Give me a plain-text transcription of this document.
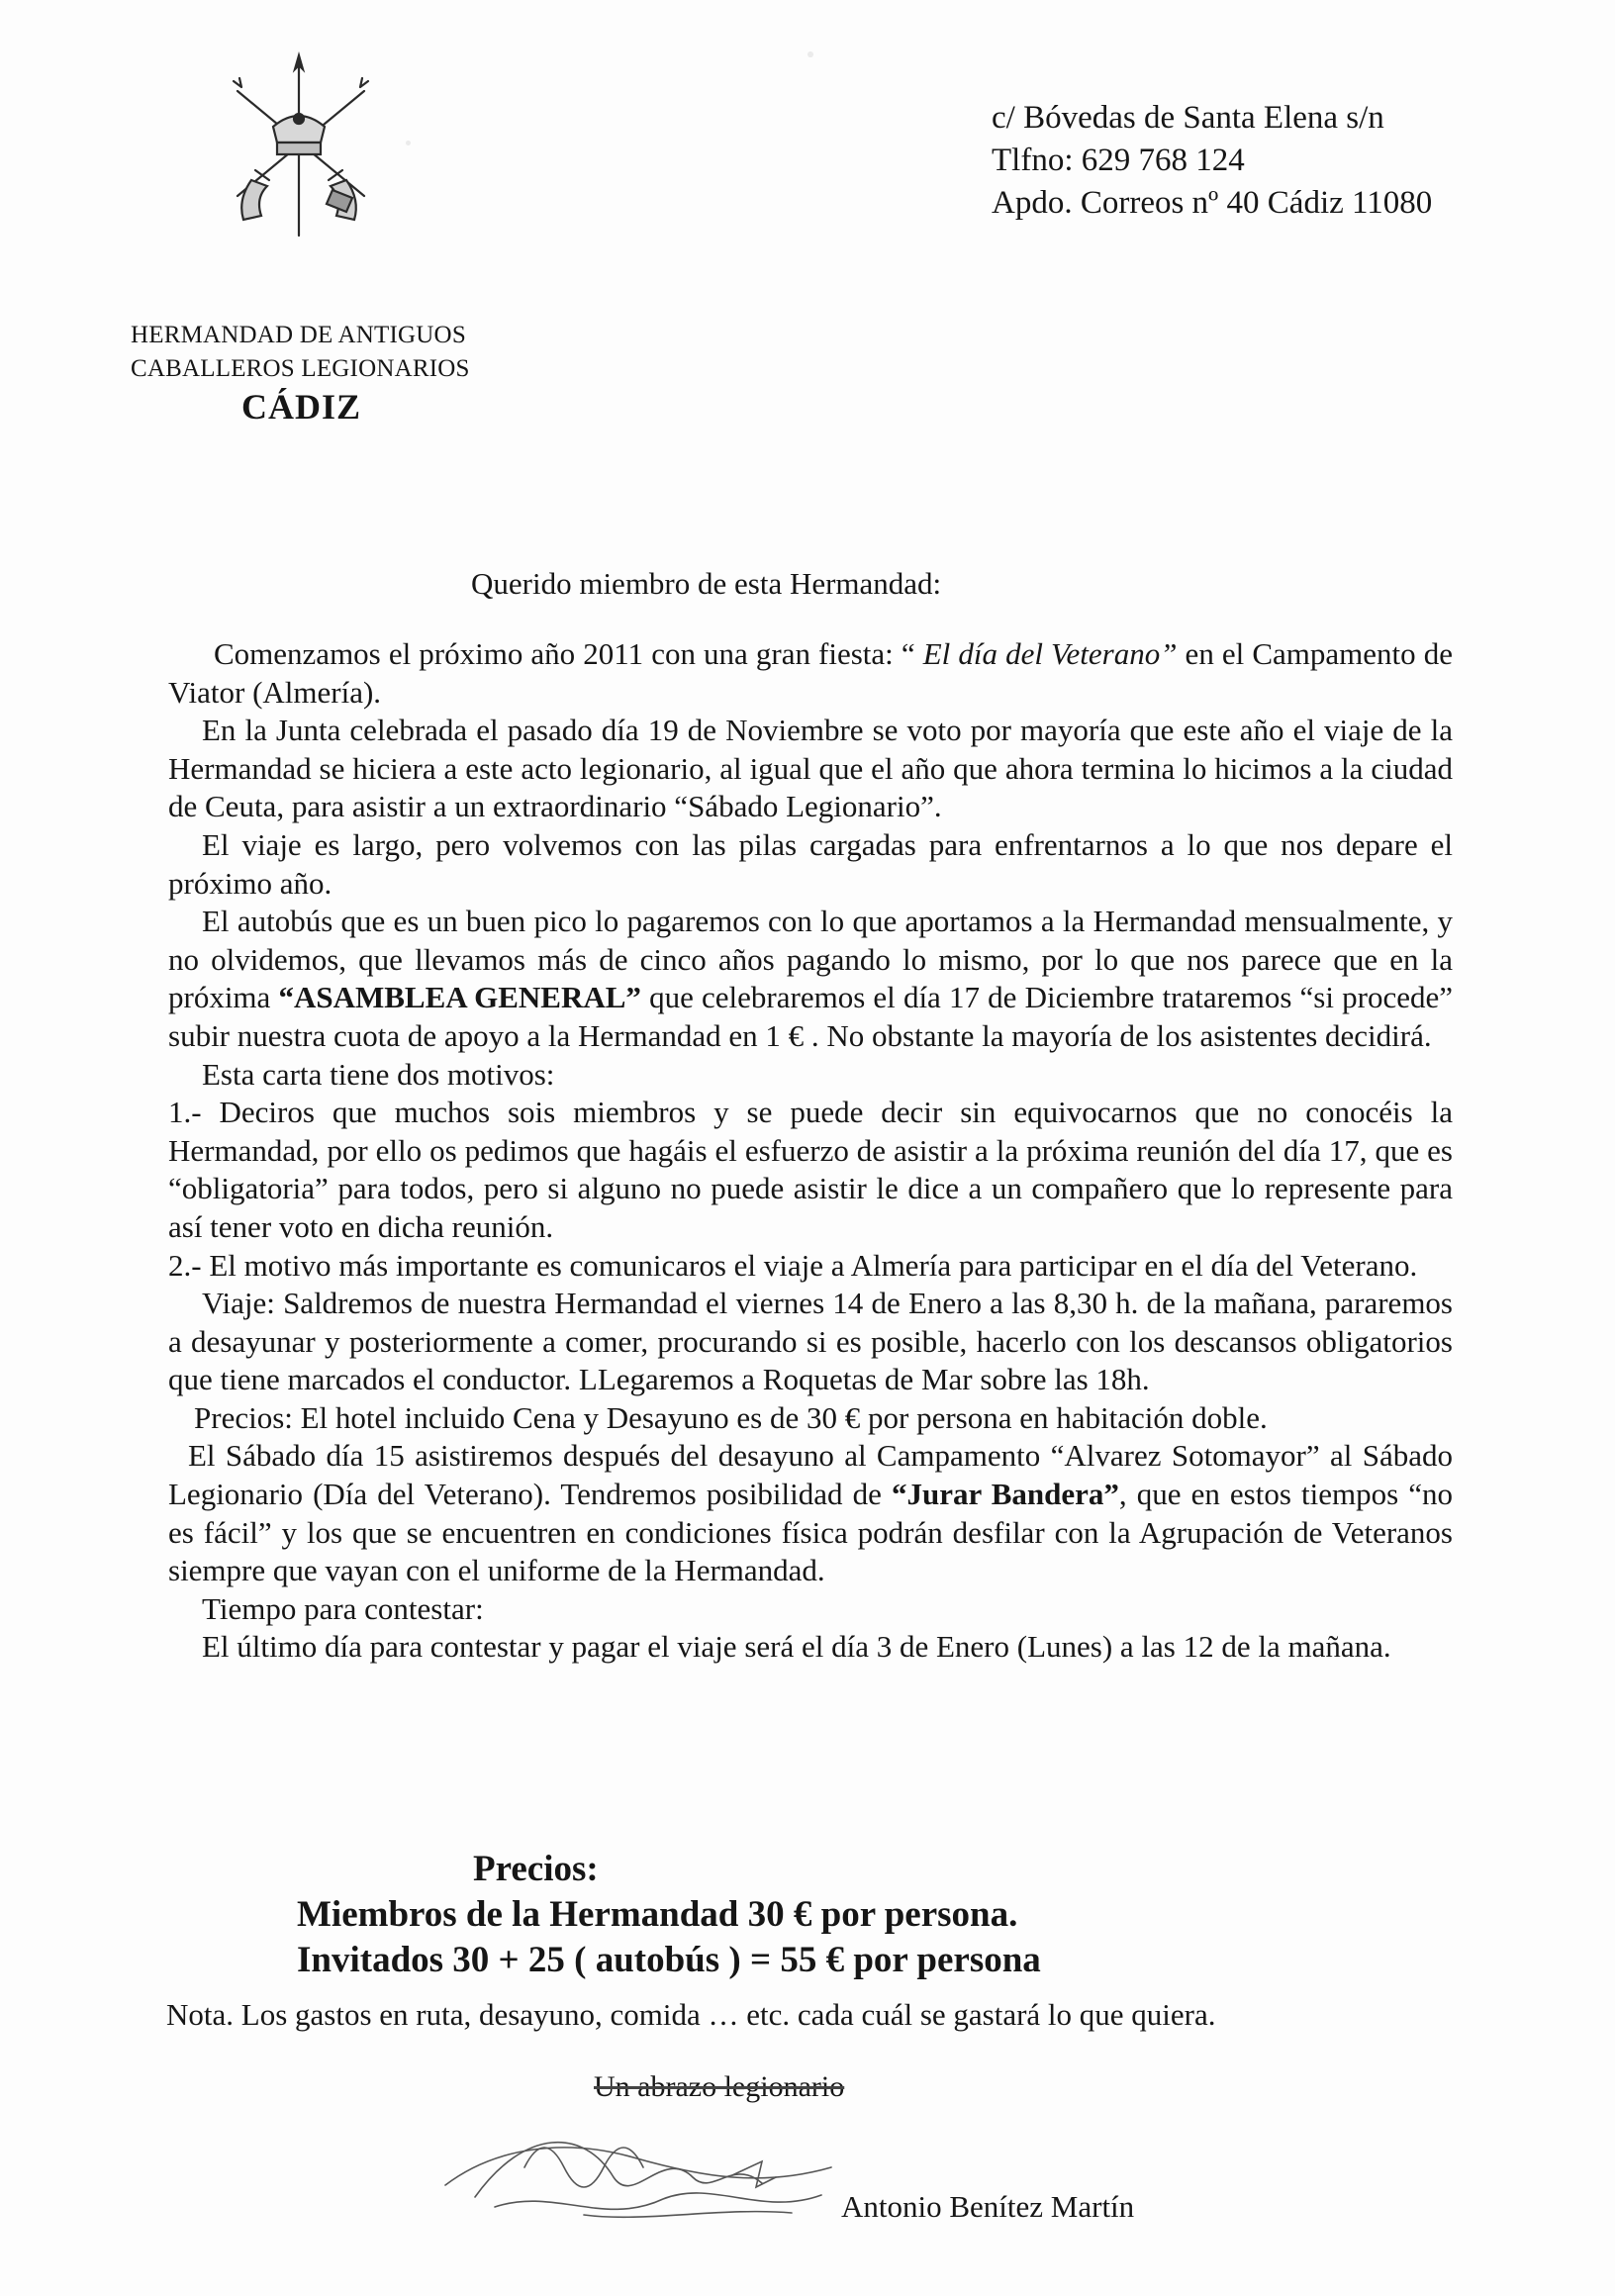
c/ Bóvedas de Santa Elena s/n
Tlfno: 629 768 124
Apdo. Correos nº 40 Cádiz 11080
HERMANDAD DE ANTIGUOS
CABALLEROS LEGIONARIOS
CÁDIZ
Querido miembro de esta Hermandad:

Comenzamos el próximo año 2011 con una gran fiesta: “ El día del Veterano” en el Campamento de Viator (Almería).

En la Junta celebrada el pasado día 19 de Noviembre se voto por mayoría que este año el viaje de la Hermandad se hiciera a este acto legionario, al igual que el año que ahora termina lo hicimos a la ciudad de Ceuta, para asistir a un extraordinario “Sábado Legionario”.

El viaje es largo, pero volvemos con las pilas cargadas para enfrentarnos a lo que nos depare el próximo año.

El autobús que es un buen pico lo pagaremos con lo que aportamos a la Hermandad mensualmente, y no olvidemos, que llevamos más de cinco años pagando lo mismo, por lo que nos parece que en la próxima “ASAMBLEA GENERAL” que celebraremos el día 17 de Diciembre trataremos “si procede” subir nuestra cuota de apoyo a la Hermandad en 1 € . No obstante la mayoría de los asistentes decidirá.

Esta carta tiene dos motivos:

1.- Deciros que muchos sois miembros y se puede decir sin equivocarnos que no conocéis la Hermandad, por ello os pedimos que hagáis el esfuerzo de asistir a la próxima reunión del día 17, que es “obligatoria” para todos, pero si alguno no puede asistir le dice a un compañero que lo represente para así tener voto en dicha reunión.

2.- El motivo más importante es comunicaros el viaje a Almería para participar en el día del Veterano.

Viaje: Saldremos de nuestra Hermandad el viernes 14 de Enero a las 8,30 h. de la mañana, pararemos a desayunar y posteriormente a comer, procurando si es posible, hacerlo con los descansos obligatorios que tiene marcados el conductor. LLegaremos a Roquetas de Mar sobre las 18h.

Precios: El hotel incluido Cena y Desayuno es de 30 € por persona en habitación doble.

El Sábado día 15 asistiremos después del desayuno al Campamento “Alvarez Sotomayor” al Sábado Legionario (Día del Veterano). Tendremos posibilidad de “Jurar Bandera”, que en estos tiempos “no es fácil” y los que se encuentren en condiciones física podrán desfilar con la Agrupación de Veteranos siempre que vayan con el uniforme de la Hermandad.

Tiempo para contestar:

El último día para contestar y pagar el viaje será el día 3 de Enero (Lunes) a las 12 de la mañana.

Precios:
Miembros de la Hermandad 30 € por persona.
Invitados 30 + 25 ( autobús ) = 55 € por persona
Nota. Los gastos en ruta, desayuno, comida … etc. cada cuál se gastará lo que quiera.
Un abrazo legionario
Antonio Benítez Martín
